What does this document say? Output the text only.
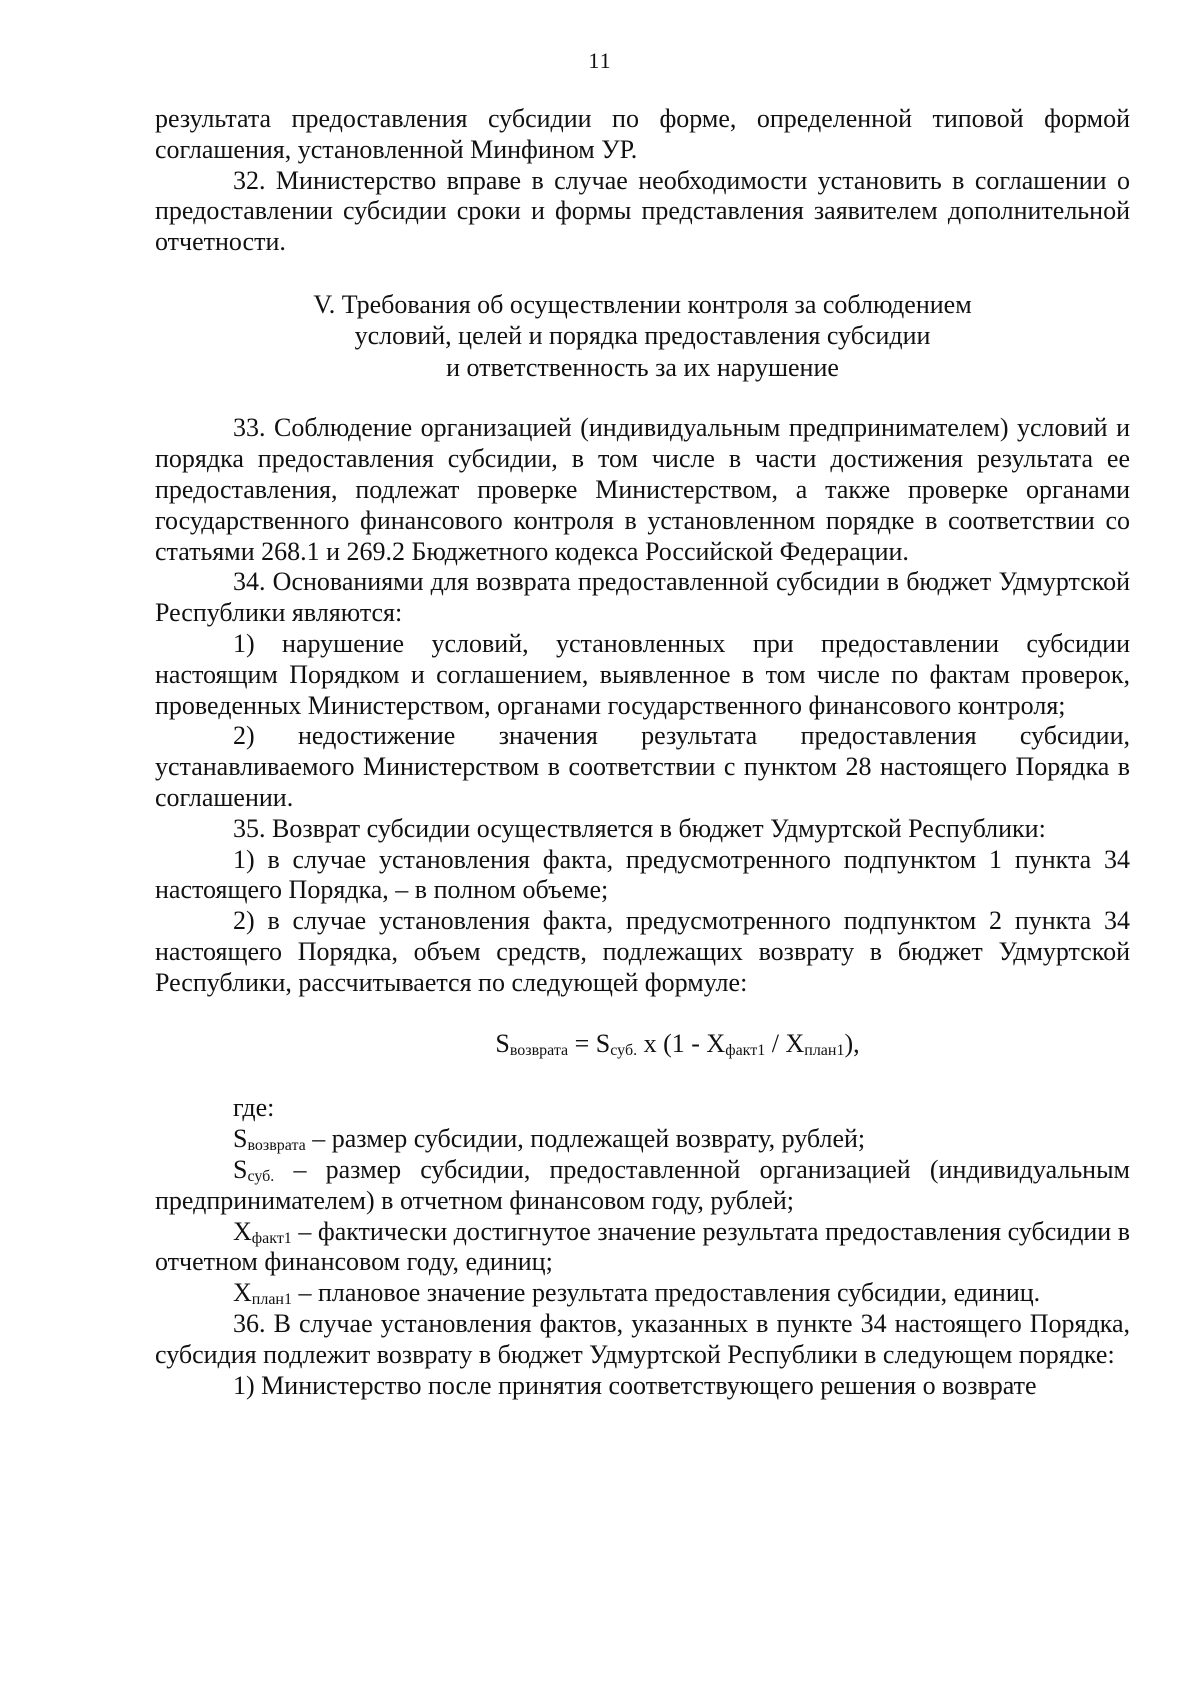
11

результата предоставления субсидии по форме, определенной типовой формой соглашения, установленной Минфином УР.

32. Министерство вправе в случае необходимости установить в соглашении о предоставлении субсидии сроки и формы представления заявителем дополнительной отчетности.

V. Требования об осуществлении контроля за соблюдением
условий, целей и порядка предоставления субсидии
и ответственность за их нарушение

33. Соблюдение организацией (индивидуальным предпринимателем) условий и порядка предоставления субсидии, в том числе в части достижения результата ее предоставления, подлежат проверке Министерством, а также проверке органами государственного финансового контроля в установленном порядке в соответствии со статьями 268.1 и 269.2 Бюджетного кодекса Российской Федерации.

34. Основаниями для возврата предоставленной субсидии в бюджет Удмуртской Республики являются:

1) нарушение условий, установленных при предоставлении субсидии настоящим Порядком и соглашением, выявленное в том числе по фактам проверок, проведенных Министерством, органами государственного финансового контроля;

2) недостижение значения результата предоставления субсидии, устанавливаемого Министерством в соответствии с пунктом 28 настоящего Порядка в соглашении.

35. Возврат субсидии осуществляется в бюджет Удмуртской Республики:

1) в случае установления факта, предусмотренного подпунктом 1 пункта 34 настоящего Порядка, – в полном объеме;

2) в случае установления факта, предусмотренного подпунктом 2 пункта 34 настоящего Порядка, объем средств, подлежащих возврату в бюджет Удмуртской Республики, рассчитывается по следующей формуле:

$S_{возврата} = S_{суб.}$ х $(1 - X_{факт1} / X_{план1})$,

где:

$S_{возврата}$ – размер субсидии, подлежащей возврату, рублей;

$S_{суб.}$ – размер субсидии, предоставленной организацией (индивидуальным предпринимателем) в отчетном финансовом году, рублей;

$X_{факт1}$ – фактически достигнутое значение результата предоставления субсидии в отчетном финансовом году, единиц;

$X_{план1}$ – плановое значение результата предоставления субсидии, единиц.

36. В случае установления фактов, указанных в пункте 34 настоящего Порядка, субсидия подлежит возврату в бюджет Удмуртской Республики в следующем порядке:

1) Министерство после принятия соответствующего решения о возврате
